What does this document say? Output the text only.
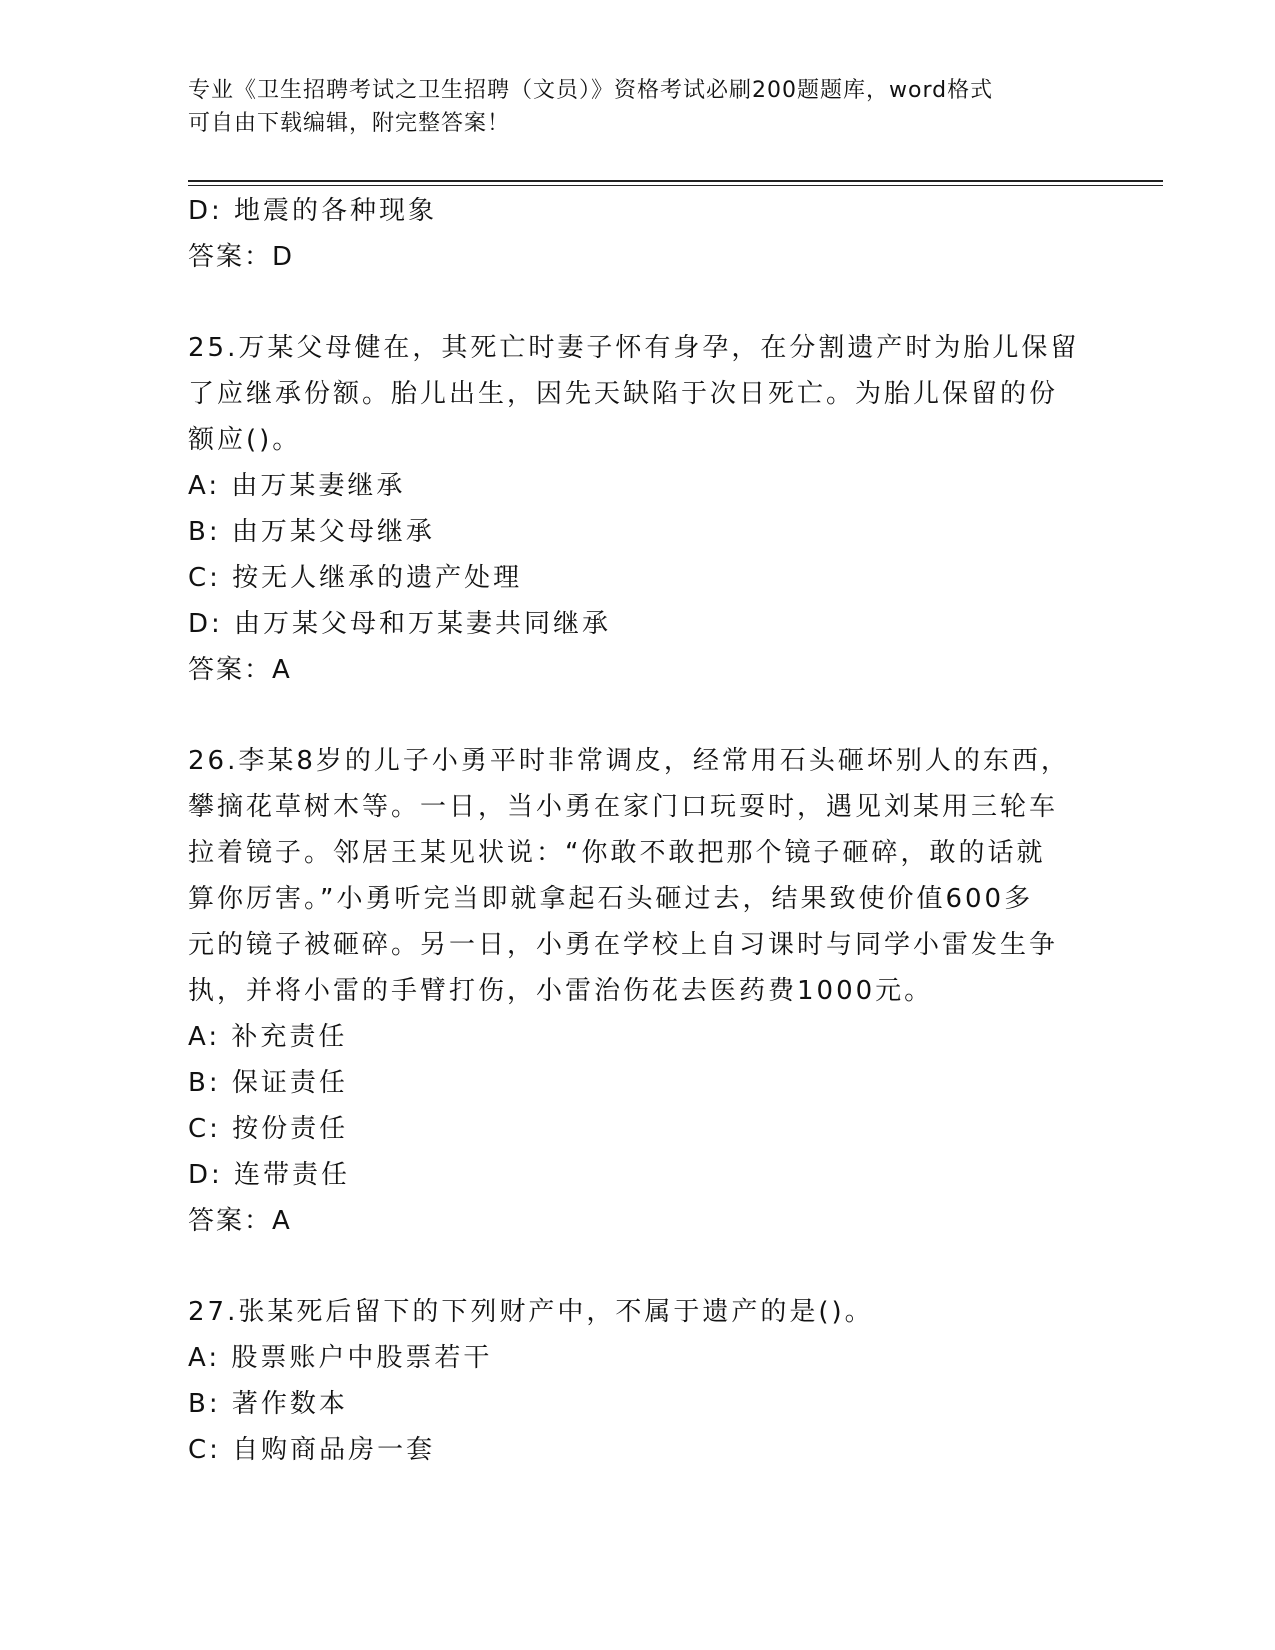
专业《卫生招聘考试之卫生招聘（文员）》资格考试必刷200题题库，word格式
可自由下载编辑，附完整答案！
D: 地震的各种现象
答案：D
25.万某父母健在，其死亡时妻子怀有身孕，在分割遗产时为胎儿保留
了应继承份额。胎儿出生，因先天缺陷于次日死亡。为胎儿保留的份
额应()。
A: 由万某妻继承
B: 由万某父母继承
C: 按无人继承的遗产处理
D: 由万某父母和万某妻共同继承
答案：A
26.李某8岁的儿子小勇平时非常调皮，经常用石头砸坏别人的东西，
攀摘花草树木等。一日，当小勇在家门口玩耍时，遇见刘某用三轮车
拉着镜子。邻居王某见状说：“你敢不敢把那个镜子砸碎，敢的话就
算你厉害。”小勇听完当即就拿起石头砸过去，结果致使价值600多
元的镜子被砸碎。另一日，小勇在学校上自习课时与同学小雷发生争
执，并将小雷的手臂打伤，小雷治伤花去医药费1000元。
A: 补充责任
B: 保证责任
C: 按份责任
D: 连带责任
答案：A
27.张某死后留下的下列财产中，不属于遗产的是()。
A: 股票账户中股票若干
B: 著作数本
C: 自购商品房一套
